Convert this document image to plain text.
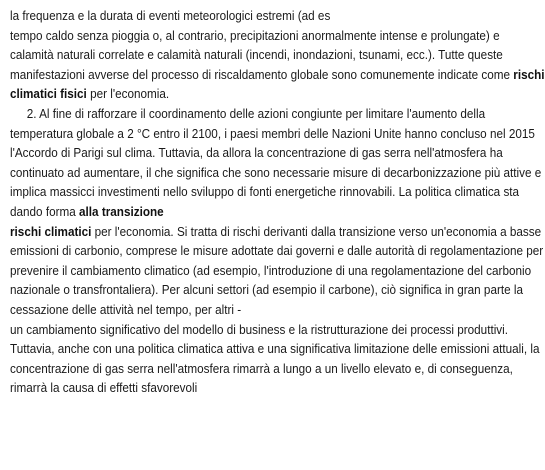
la frequenza e la durata di eventi meteorologici estremi (ad es
tempo caldo senza pioggia o, al contrario, precipitazioni anormalmente intense e prolungate) e
calamità naturali correlate e calamità naturali (incendi, inondazioni, tsunami, ecc.). Tutte queste
manifestazioni avverse del processo di riscaldamento globale sono comunemente indicate come rischi
climatici fisici per l'economia.
2. Al fine di rafforzare il coordinamento delle azioni congiunte per limitare l'aumento della
temperatura globale a 2 °C entro il 2100, i paesi membri delle Nazioni Unite hanno concluso nel 2015
l'Accordo di Parigi sul clima. Tuttavia, da allora la concentrazione di gas serra nell'atmosfera ha
continuato ad aumentare, il che significa che sono necessarie misure di decarbonizzazione più attive e
implica massicci investimenti nello sviluppo di fonti energetiche rinnovabili. La politica climatica sta
dando forma alla transizione
rischi climatici per l'economia. Si tratta di rischi derivanti dalla transizione verso un'economia a basse
emissioni di carbonio, comprese le misure adottate dai governi e dalle autorità di regolamentazione per
prevenire il cambiamento climatico (ad esempio, l'introduzione di una regolamentazione del carbonio
nazionale o transfrontaliera). Per alcuni settori (ad esempio il carbone), ciò significa in gran parte la
cessazione delle attività nel tempo, per altri -
un cambiamento significativo del modello di business e la ristrutturazione dei processi produttivi.
Tuttavia, anche con una politica climatica attiva e una significativa limitazione delle emissioni attuali, la
concentrazione di gas serra nell'atmosfera rimarrà a lungo a un livello elevato e, di conseguenza,
rimarrà la causa di effetti sfavorevoli
